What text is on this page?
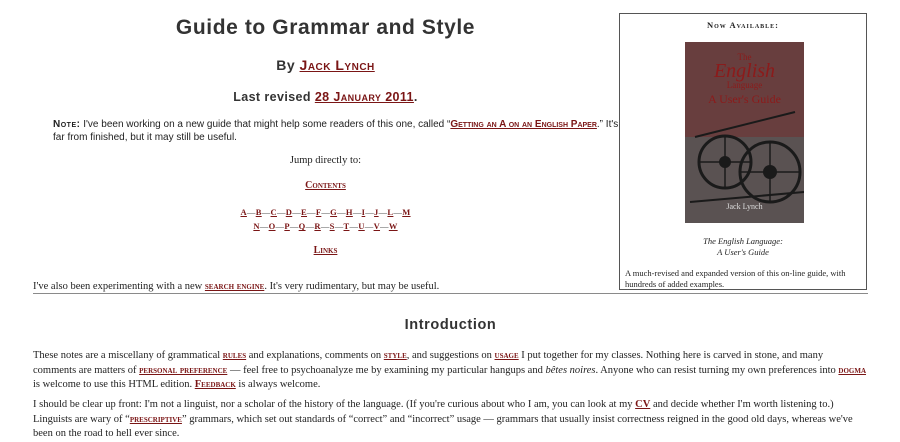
Guide to Grammar and Style
By Jack Lynch
Last revised 28 January 2011.
Note: I've been working on a new guide that might help some readers of this one, called “Getting an A on an English Paper.” It's far from finished, but it may still be useful.
Jump directly to:
Contents
A—B—C—D—E—F—G—H—I—J—L—M
N—O—P—Q—R—S—T—U—V—W
Links
I've also been experimenting with a new search engine. It's very rudimentary, but may be useful.
Now Available:
The
English
Language
A User's Guide
Jack Lynch
The English Language:
A User's Guide
A much-revised and expanded version of this on-line guide, with hundreds of added examples.
Introduction

These notes are a miscellany of grammatical rules and explanations, comments on style, and suggestions on usage I put together for my classes. Nothing here is carved in stone, and many comments are matters of personal preference — feel free to psychoanalyze me by examining my particular hangups and bêtes noires. Anyone who can resist turning my own preferences into dogma is welcome to use this HTML edition. Feedback is always welcome.

I should be clear up front: I'm not a linguist, nor a scholar of the history of the language. (If you're curious about who I am, you can look at my CV and decide whether I'm worth listening to.) Linguists are wary of “prescriptive” grammars, which set out standards of “correct” and “incorrect” usage — grammars that usually insist correctness reigned in the good old days, whereas we've been on the road to hell ever since.
